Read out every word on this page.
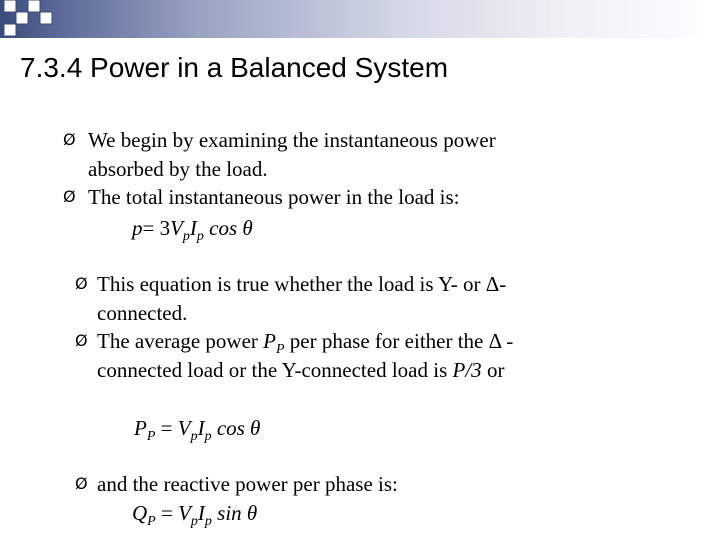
7.3.4 Power in a Balanced System
Ø We begin by examining the instantaneous power
absorbed by the load.
Ø The total instantaneous power in the load is:
$p= 3V_pI_p$ cos θ
Ø This equation is true whether the load is Y- or Δ-
connected.
Ø The average power $P_P$ per phase for either the Δ -
connected load or the Y-connected load is P/3 or
$P_P = V_pI_p$ cos θ
Ø and the reactive power per phase is:
$Q_P = V_pI_p$ sin θ
